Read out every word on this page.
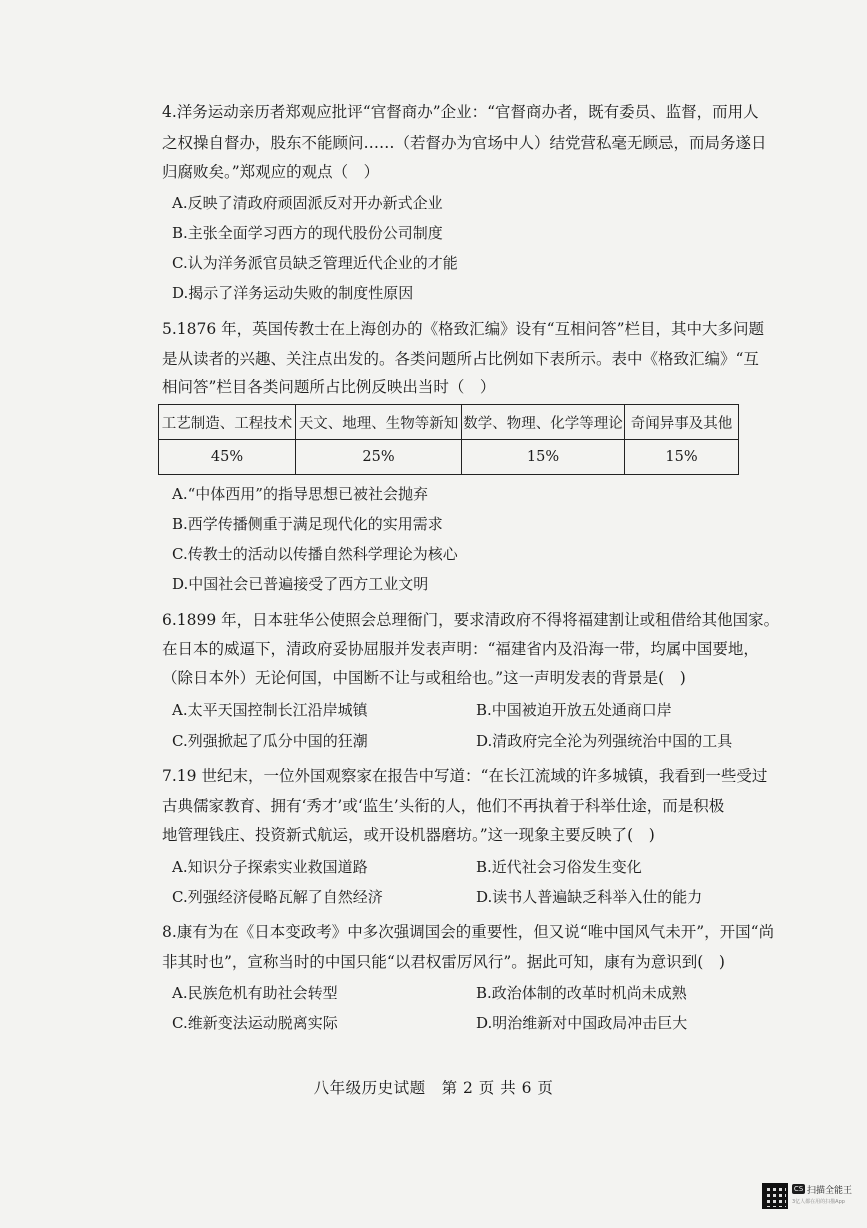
4.洋务运动亲历者郑观应批评“官督商办”企业：“官督商办者，既有委员、监督，而用人
之权操自督办，股东不能顾问……（若督办为官场中人）结党营私毫无顾忌，而局务遂日
归腐败矣。”郑观应的观点（　）
A.反映了清政府顽固派反对开办新式企业
B.主张全面学习西方的现代股份公司制度
C.认为洋务派官员缺乏管理近代企业的才能
D.揭示了洋务运动失败的制度性原因
5.1876 年，英国传教士在上海创办的《格致汇编》设有“互相问答”栏目，其中大多问题
是从读者的兴趣、关注点出发的。各类问题所占比例如下表所示。表中《格致汇编》“互
相问答”栏目各类问题所占比例反映出当时（　）
工艺制造、工程技术	天文、地理、生物等新知	数学、物理、化学等理论	奇闻异事及其他
45%	25%	15%	15%
A.“中体西用”的指导思想已被社会抛弃
B.西学传播侧重于满足现代化的实用需求
C.传教士的活动以传播自然科学理论为核心
D.中国社会已普遍接受了西方工业文明
6.1899 年，日本驻华公使照会总理衙门，要求清政府不得将福建割让或租借给其他国家。
在日本的威逼下，清政府妥协屈服并发表声明：“福建省内及沿海一带，均属中国要地，
（除日本外）无论何国，中国断不让与或租给也。”这一声明发表的背景是(　)
A.太平天国控制长江沿岸城镇	B.中国被迫开放五处通商口岸
C.列强掀起了瓜分中国的狂潮	D.清政府完全沦为列强统治中国的工具
7.19 世纪末，一位外国观察家在报告中写道：“在长江流域的许多城镇，我看到一些受过
古典儒家教育、拥有‘秀才’或‘监生’头衔的人，他们不再执着于科举仕途，而是积极
地管理钱庄、投资新式航运，或开设机器磨坊。”这一现象主要反映了(　)
A.知识分子探索实业救国道路	B.近代社会习俗发生变化
C.列强经济侵略瓦解了自然经济	D.读书人普遍缺乏科举入仕的能力
8.康有为在《日本变政考》中多次强调国会的重要性，但又说“唯中国风气未开”，开国“尚
非其时也”，宣称当时的中国只能“以君权雷厉风行”。据此可知，康有为意识到(　)
A.民族危机有助社会转型	B.政治体制的改革时机尚未成熟
C.维新变法运动脱离实际	D.明治维新对中国政局冲击巨大
八年级历史试题　第 2 页 共 6 页
CS 扫描全能王
3亿人都在用的扫描App
